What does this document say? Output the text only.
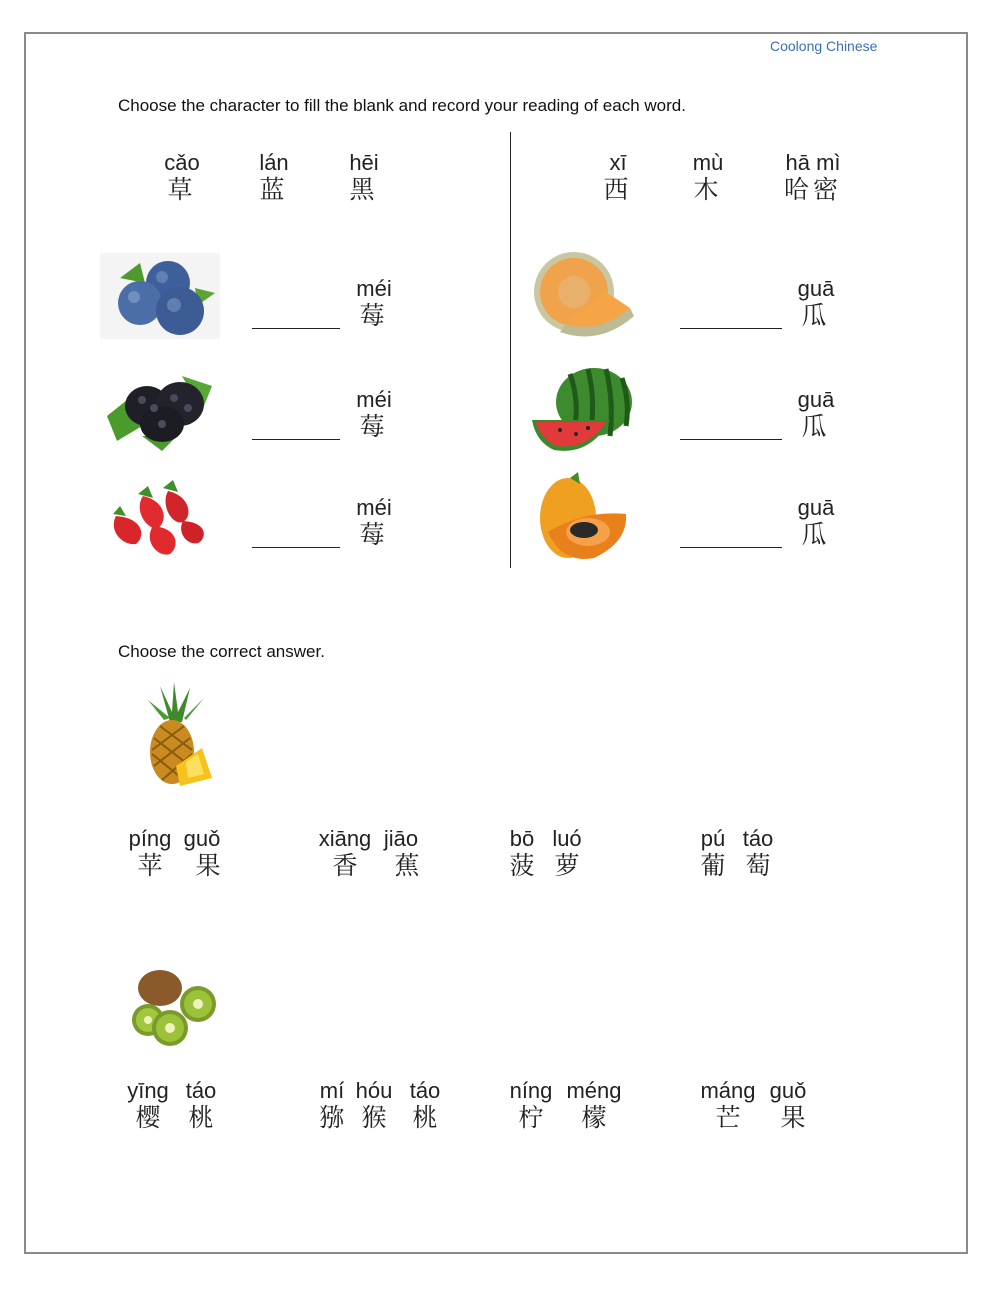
Coolong Chinese
Choose the character to fill the blank and record your reading of each word.
cǎo
草
lán
蓝
hēi
黑
xī
西
mù
木
hā mì
哈密
méi
莓
méi
莓
méi
莓
guā
瓜
guā
瓜
guā
瓜
Choose the correct answer.
píng guǒ
苹	果
xiāng jiāo
香	蕉
bō luó
菠 萝
pú táo
葡 萄
yīng táo
樱	桃
mí hóu táo
猕 猴	桃
níng méng
柠	檬
máng guǒ
芒	果
